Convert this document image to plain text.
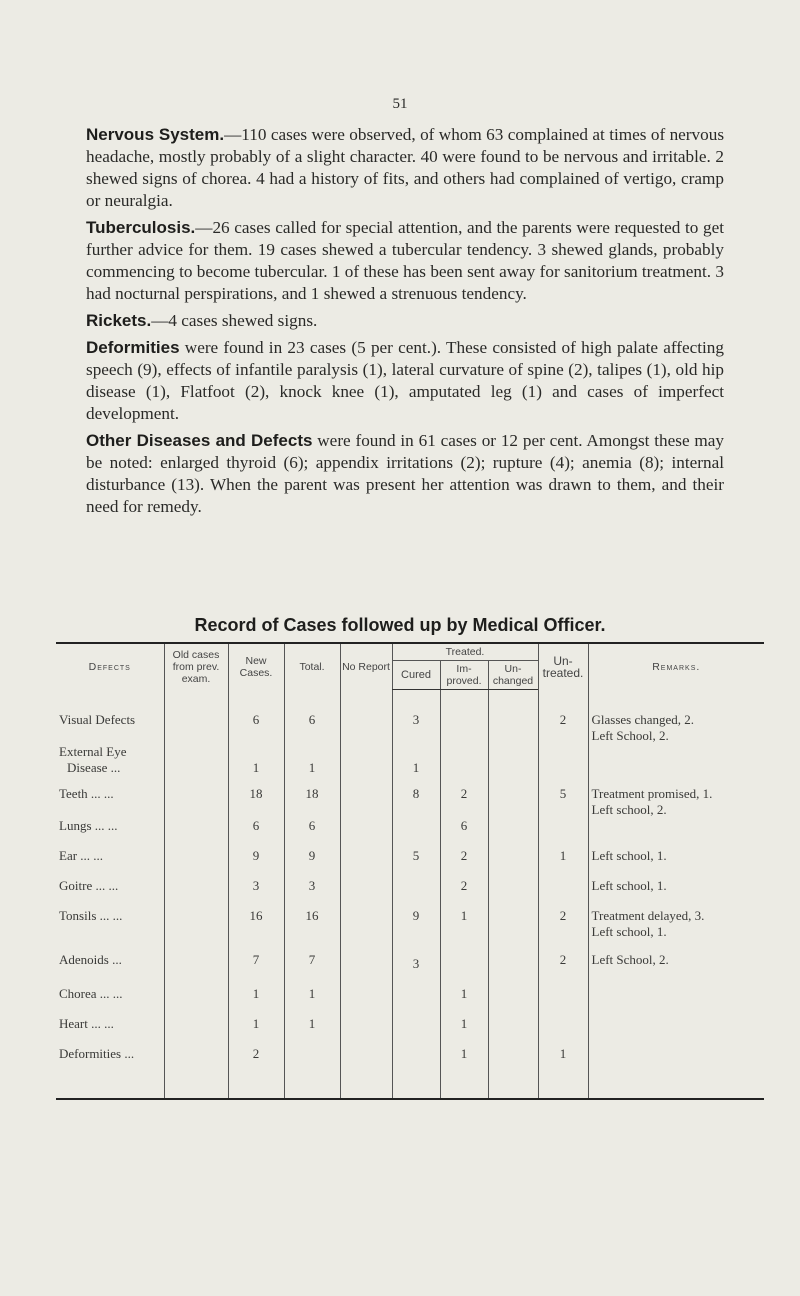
51

Nervous System.—110 cases were observed, of whom 63 complained at times of nervous headache, mostly probably of a slight character. 40 were found to be nervous and irritable. 2 shewed signs of chorea. 4 had a history of fits, and others had complained of vertigo, cramp or neuralgia.

Tuberculosis.—26 cases called for special attention, and the parents were requested to get further advice for them. 19 cases shewed a tubercular tendency. 3 shewed glands, probably commencing to become tubercular. 1 of these has been sent away for sanitorium treatment. 3 had nocturnal perspirations, and 1 shewed a strenuous tendency.

Rickets.—4 cases shewed signs.

Deformities were found in 23 cases (5 per cent.). These consisted of high palate affecting speech (9), effects of infantile paralysis (1), lateral curvature of spine (2), talipes (1), old hip disease (1), Flatfoot (2), knock knee (1), amputated leg (1) and cases of imperfect development.

Other Diseases and Defects were found in 61 cases or 12 per cent. Amongst these may be noted: enlarged thyroid (6); appendix irritations (2); rupture (4); anemia (8); internal disturbance (13). When the parent was present her attention was drawn to them, and their need for remedy.

Record of Cases followed up by Medical Officer.
Defects	Old cases from prev. exam.	New Cases.	Total.	No Report	Treated.			Un-treated.	Remarks.
					Cured	Im-proved.	Un-changed		
Visual Defects		6	6		3			2	Glasses changed, 2.
Left School, 2.

External Eye
Disease ...		1	1		1				
Teeth ... ...		18	18		8	2		5	Treatment promised, 1.
Left school, 2.

Lungs ... ...		6	6			6			
Ear ... ...		9	9		5	2		1	Left school, 1.

Goitre ... ...		3	3			2			Left school, 1.

Tonsils ... ...		16	16		9	1		2	Treatment delayed, 3.
Left school, 1.

Adenoids ...		7	7		3			2	Left School, 2.

Chorea ... ...		1	1			1			
Heart ... ...		1	1			1			
Deformities ...		2				1		1	
